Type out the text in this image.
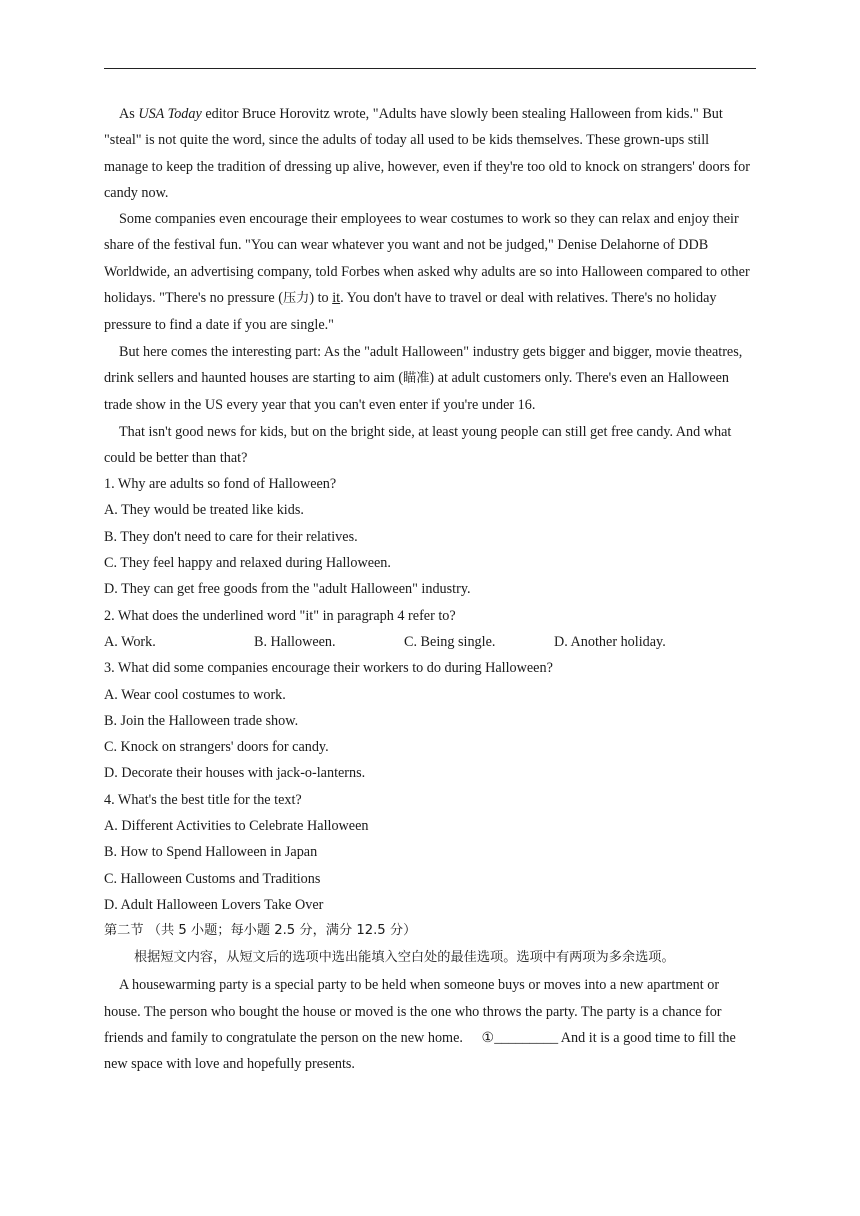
As USA Today editor Bruce Horovitz wrote, "Adults have slowly been stealing Halloween from kids." But "steal" is not quite the word, since the adults of today all used to be kids themselves. These grown-ups still manage to keep the tradition of dressing up alive, however, even if they're too old to knock on strangers' doors for candy now.

Some companies even encourage their employees to wear costumes to work so they can relax and enjoy their share of the festival fun. "You can wear whatever you want and not be judged," Denise Delahorne of DDB Worldwide, an advertising company, told Forbes when asked why adults are so into Halloween compared to other holidays. "There's no pressure (压力) to it. You don't have to travel or deal with relatives. There's no holiday pressure to find a date if you are single."

But here comes the interesting part: As the "adult Halloween" industry gets bigger and bigger, movie theatres, drink sellers and haunted houses are starting to aim (瞄准) at adult customers only. There's even an Halloween trade show in the US every year that you can't even enter if you're under 16.

That isn't good news for kids, but on the bright side, at least young people can still get free candy. And what could be better than that?

1. Why are adults so fond of Halloween?

A. They would be treated like kids.

B. They don't need to care for their relatives.

C. They feel happy and relaxed during Halloween.

D. They can get free goods from the "adult Halloween" industry.

2. What does the underlined word "it" in paragraph 4 refer to?

A. Work.	B. Halloween.	C. Being single.	D. Another holiday.

3. What did some companies encourage their workers to do during Halloween?

A. Wear cool costumes to work.

B. Join the Halloween trade show.

C. Knock on strangers' doors for candy.

D. Decorate their houses with jack-o-lanterns.

4. What's the best title for the text?

A. Different Activities to Celebrate Halloween

B. How to Spend Halloween in Japan

C. Halloween Customs and Traditions

D. Adult Halloween Lovers Take Over

第二节 （共 5 小题；每小题 2.5 分，满分 12.5 分）

根据短文内容，从短文后的选项中选出能填入空白处的最佳选项。选项中有两项为多余选项。

A housewarming party is a special party to be held when someone buys or moves into a new apartment or house. The person who bought the house or moved is the one who throws the party. The party is a chance for friends and family to congratulate the person on the new home. ①_________ And it is a good time to fill the new space with love and hopefully presents.
